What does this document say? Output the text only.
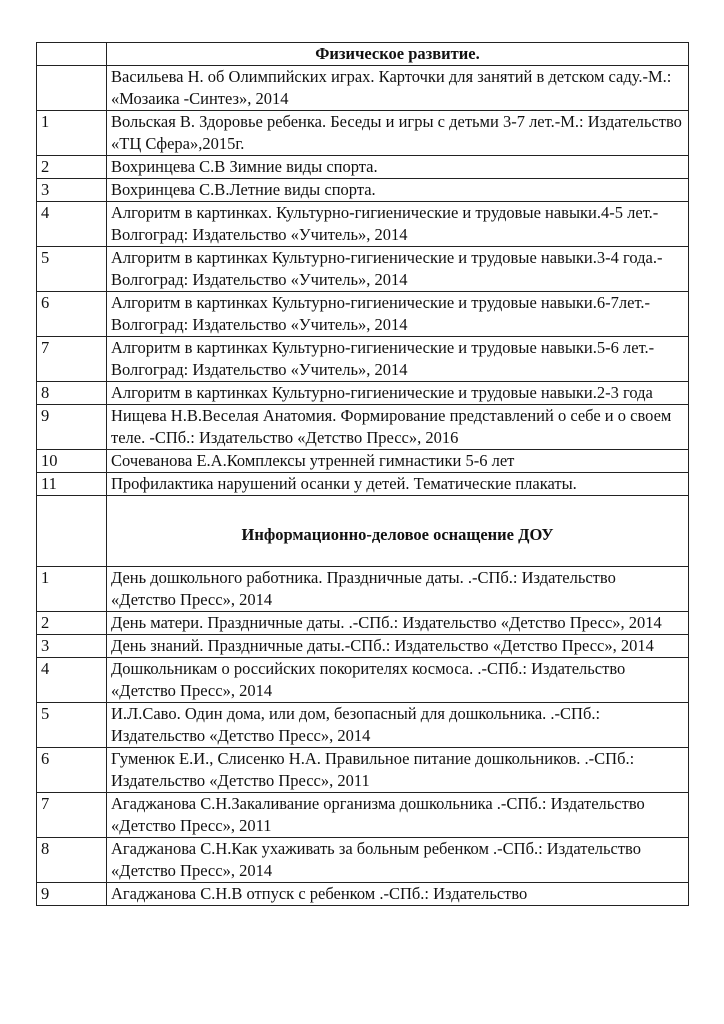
	Физическое развитие.
	Васильева Н. об Олимпийских играх. Карточки для занятий в детском саду.-М.: «Мозаика -Синтез», 2014
1	Вольская В. Здоровье ребенка. Беседы и игры с детьми 3-7 лет.-М.: Издательство «ТЦ Сфера»,2015г.
2	Вохринцева С.В Зимние виды спорта.
3	Вохринцева С.В.Летние виды спорта.
4	Алгоритм в картинках. Культурно-гигиенические и трудовые навыки.4-5 лет.- Волгоград: Издательство «Учитель», 2014
5	Алгоритм в картинках Культурно-гигиенические и трудовые навыки.3-4 года.- Волгоград: Издательство «Учитель», 2014
6	Алгоритм в картинках Культурно-гигиенические и трудовые навыки.6-7лет.- Волгоград: Издательство «Учитель», 2014
7	Алгоритм в картинках Культурно-гигиенические и трудовые навыки.5-6 лет.- Волгоград: Издательство «Учитель», 2014
8	Алгоритм в картинках Культурно-гигиенические и трудовые навыки.2-3 года
9	Нищева Н.В.Веселая Анатомия. Формирование представлений о себе и о своем теле. -СПб.: Издательство «Детство Пресс», 2016
10	Сочеванова Е.А.Комплексы утренней гимнастики 5-6 лет
11	Профилактика нарушений осанки у детей. Тематические плакаты.
	Информационно-деловое оснащение ДОУ
1	День дошкольного работника. Праздничные даты. .-СПб.: Издательство «Детство Пресс», 2014
2	День матери. Праздничные даты. .-СПб.: Издательство «Детство Пресс», 2014
3	День знаний. Праздничные даты.-СПб.: Издательство «Детство Пресс», 2014
4	Дошкольникам о российских покорителях космоса. .-СПб.: Издательство «Детство Пресс», 2014
5	И.Л.Саво. Один дома, или дом, безопасный для дошкольника. .-СПб.: Издательство «Детство Пресс», 2014
6	Гуменюк Е.И., Слисенко Н.А. Правильное питание дошкольников. .-СПб.: Издательство «Детство Пресс», 2011
7	Агаджанова С.Н.Закаливание организма дошкольника .-СПб.: Издательство «Детство Пресс», 2011
8	Агаджанова С.Н.Как ухаживать за больным ребенком .-СПб.: Издательство «Детство Пресс», 2014
9	Агаджанова С.Н.В отпуск с ребенком .-СПб.: Издательство
